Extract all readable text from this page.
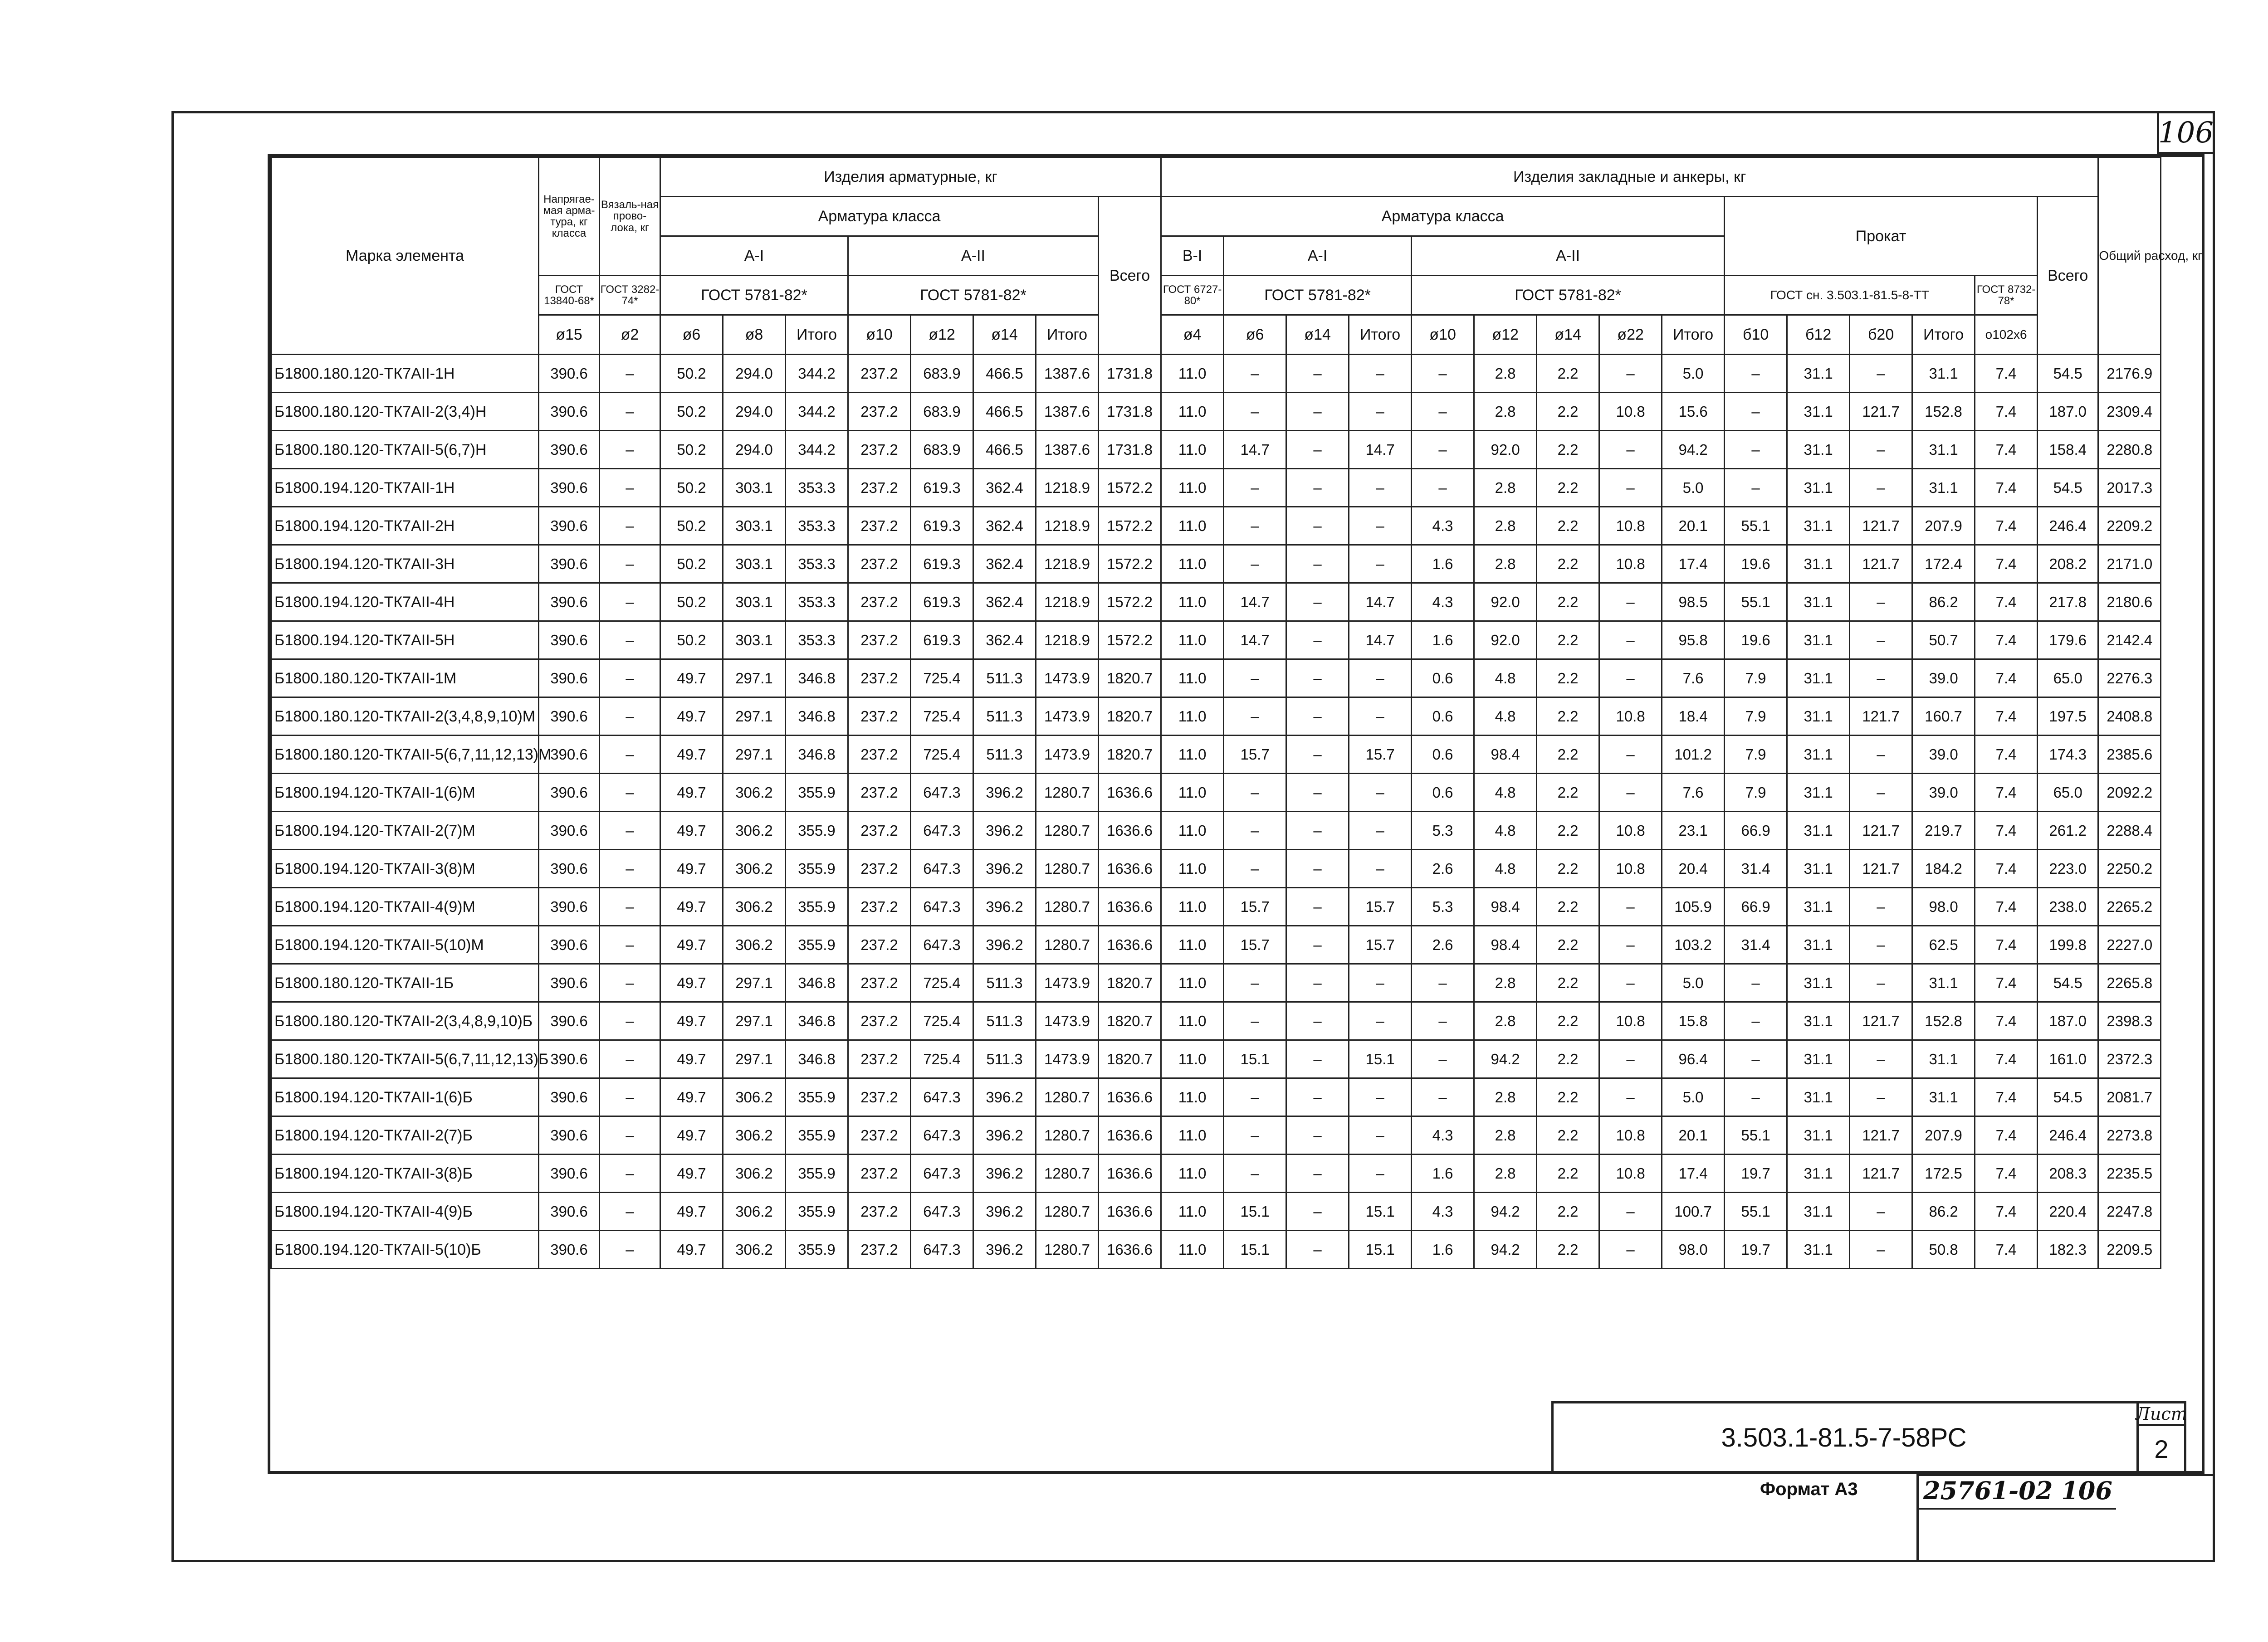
106
Марка элемента	Напрягае-мая арма-тура, кг класса	Вязаль-ная прово-лока, кг	Изделия арматурные, кг								Изделия закладные и анкеры, кг															Общий расход, кг
			Арматура класса							Всего	Арматура класса									Прокат					Всего	
			А-I			А-II					В-I	А-I			А-II											
	ГОСТ 13840-68*	ГОСТ 3282-74*	ГОСТ 5781-82*			ГОСТ 5781-82*					ГОСТ 6727-80*	ГОСТ 5781-82*			ГОСТ 5781-82*					ГОСТ сн. 3.503.1-81.5-8-ТТ				ГОСТ 8732-78*		
	ø15	ø2	ø6	ø8	Итого	ø10	ø12	ø14	Итого		ø4	ø6	ø14	Итого	ø10	ø12	ø14	ø22	Итого	б10	б12	б20	Итого	о102х6		
Б1800.180.120-ТК7АII-1Н	390.6	–	50.2	294.0	344.2	237.2	683.9	466.5	1387.6	1731.8	11.0	–	–	–	–	2.8	2.2	–	5.0	–	31.1	–	31.1	7.4	54.5	2176.9
Б1800.180.120-ТК7АII-2(3,4)Н	390.6	–	50.2	294.0	344.2	237.2	683.9	466.5	1387.6	1731.8	11.0	–	–	–	–	2.8	2.2	10.8	15.6	–	31.1	121.7	152.8	7.4	187.0	2309.4
Б1800.180.120-ТК7АII-5(6,7)Н	390.6	–	50.2	294.0	344.2	237.2	683.9	466.5	1387.6	1731.8	11.0	14.7	–	14.7	–	92.0	2.2	–	94.2	–	31.1	–	31.1	7.4	158.4	2280.8
Б1800.194.120-ТК7АII-1Н	390.6	–	50.2	303.1	353.3	237.2	619.3	362.4	1218.9	1572.2	11.0	–	–	–	–	2.8	2.2	–	5.0	–	31.1	–	31.1	7.4	54.5	2017.3
Б1800.194.120-ТК7АII-2Н	390.6	–	50.2	303.1	353.3	237.2	619.3	362.4	1218.9	1572.2	11.0	–	–	–	4.3	2.8	2.2	10.8	20.1	55.1	31.1	121.7	207.9	7.4	246.4	2209.2
Б1800.194.120-ТК7АII-3Н	390.6	–	50.2	303.1	353.3	237.2	619.3	362.4	1218.9	1572.2	11.0	–	–	–	1.6	2.8	2.2	10.8	17.4	19.6	31.1	121.7	172.4	7.4	208.2	2171.0
Б1800.194.120-ТК7АII-4Н	390.6	–	50.2	303.1	353.3	237.2	619.3	362.4	1218.9	1572.2	11.0	14.7	–	14.7	4.3	92.0	2.2	–	98.5	55.1	31.1	–	86.2	7.4	217.8	2180.6
Б1800.194.120-ТК7АII-5Н	390.6	–	50.2	303.1	353.3	237.2	619.3	362.4	1218.9	1572.2	11.0	14.7	–	14.7	1.6	92.0	2.2	–	95.8	19.6	31.1	–	50.7	7.4	179.6	2142.4
Б1800.180.120-ТК7АII-1М	390.6	–	49.7	297.1	346.8	237.2	725.4	511.3	1473.9	1820.7	11.0	–	–	–	0.6	4.8	2.2	–	7.6	7.9	31.1	–	39.0	7.4	65.0	2276.3
Б1800.180.120-ТК7АII-2(3,4,8,9,10)М	390.6	–	49.7	297.1	346.8	237.2	725.4	511.3	1473.9	1820.7	11.0	–	–	–	0.6	4.8	2.2	10.8	18.4	7.9	31.1	121.7	160.7	7.4	197.5	2408.8
Б1800.180.120-ТК7АII-5(6,7,11,12,13)М	390.6	–	49.7	297.1	346.8	237.2	725.4	511.3	1473.9	1820.7	11.0	15.7	–	15.7	0.6	98.4	2.2	–	101.2	7.9	31.1	–	39.0	7.4	174.3	2385.6
Б1800.194.120-ТК7АII-1(6)М	390.6	–	49.7	306.2	355.9	237.2	647.3	396.2	1280.7	1636.6	11.0	–	–	–	0.6	4.8	2.2	–	7.6	7.9	31.1	–	39.0	7.4	65.0	2092.2
Б1800.194.120-ТК7АII-2(7)М	390.6	–	49.7	306.2	355.9	237.2	647.3	396.2	1280.7	1636.6	11.0	–	–	–	5.3	4.8	2.2	10.8	23.1	66.9	31.1	121.7	219.7	7.4	261.2	2288.4
Б1800.194.120-ТК7АII-3(8)М	390.6	–	49.7	306.2	355.9	237.2	647.3	396.2	1280.7	1636.6	11.0	–	–	–	2.6	4.8	2.2	10.8	20.4	31.4	31.1	121.7	184.2	7.4	223.0	2250.2
Б1800.194.120-ТК7АII-4(9)М	390.6	–	49.7	306.2	355.9	237.2	647.3	396.2	1280.7	1636.6	11.0	15.7	–	15.7	5.3	98.4	2.2	–	105.9	66.9	31.1	–	98.0	7.4	238.0	2265.2
Б1800.194.120-ТК7АII-5(10)М	390.6	–	49.7	306.2	355.9	237.2	647.3	396.2	1280.7	1636.6	11.0	15.7	–	15.7	2.6	98.4	2.2	–	103.2	31.4	31.1	–	62.5	7.4	199.8	2227.0
Б1800.180.120-ТК7АII-1Б	390.6	–	49.7	297.1	346.8	237.2	725.4	511.3	1473.9	1820.7	11.0	–	–	–	–	2.8	2.2	–	5.0	–	31.1	–	31.1	7.4	54.5	2265.8
Б1800.180.120-ТК7АII-2(3,4,8,9,10)Б	390.6	–	49.7	297.1	346.8	237.2	725.4	511.3	1473.9	1820.7	11.0	–	–	–	–	2.8	2.2	10.8	15.8	–	31.1	121.7	152.8	7.4	187.0	2398.3
Б1800.180.120-ТК7АII-5(6,7,11,12,13)Б	390.6	–	49.7	297.1	346.8	237.2	725.4	511.3	1473.9	1820.7	11.0	15.1	–	15.1	–	94.2	2.2	–	96.4	–	31.1	–	31.1	7.4	161.0	2372.3
Б1800.194.120-ТК7АII-1(6)Б	390.6	–	49.7	306.2	355.9	237.2	647.3	396.2	1280.7	1636.6	11.0	–	–	–	–	2.8	2.2	–	5.0	–	31.1	–	31.1	7.4	54.5	2081.7
Б1800.194.120-ТК7АII-2(7)Б	390.6	–	49.7	306.2	355.9	237.2	647.3	396.2	1280.7	1636.6	11.0	–	–	–	4.3	2.8	2.2	10.8	20.1	55.1	31.1	121.7	207.9	7.4	246.4	2273.8
Б1800.194.120-ТК7АII-3(8)Б	390.6	–	49.7	306.2	355.9	237.2	647.3	396.2	1280.7	1636.6	11.0	–	–	–	1.6	2.8	2.2	10.8	17.4	19.7	31.1	121.7	172.5	7.4	208.3	2235.5
Б1800.194.120-ТК7АII-4(9)Б	390.6	–	49.7	306.2	355.9	237.2	647.3	396.2	1280.7	1636.6	11.0	15.1	–	15.1	4.3	94.2	2.2	–	100.7	55.1	31.1	–	86.2	7.4	220.4	2247.8
Б1800.194.120-ТК7АII-5(10)Б	390.6	–	49.7	306.2	355.9	237.2	647.3	396.2	1280.7	1636.6	11.0	15.1	–	15.1	1.6	94.2	2.2	–	98.0	19.7	31.1	–	50.8	7.4	182.3	2209.5

3.503.1-81.5-7-58РС
Лист
2
Формат А3	25761-02 106
